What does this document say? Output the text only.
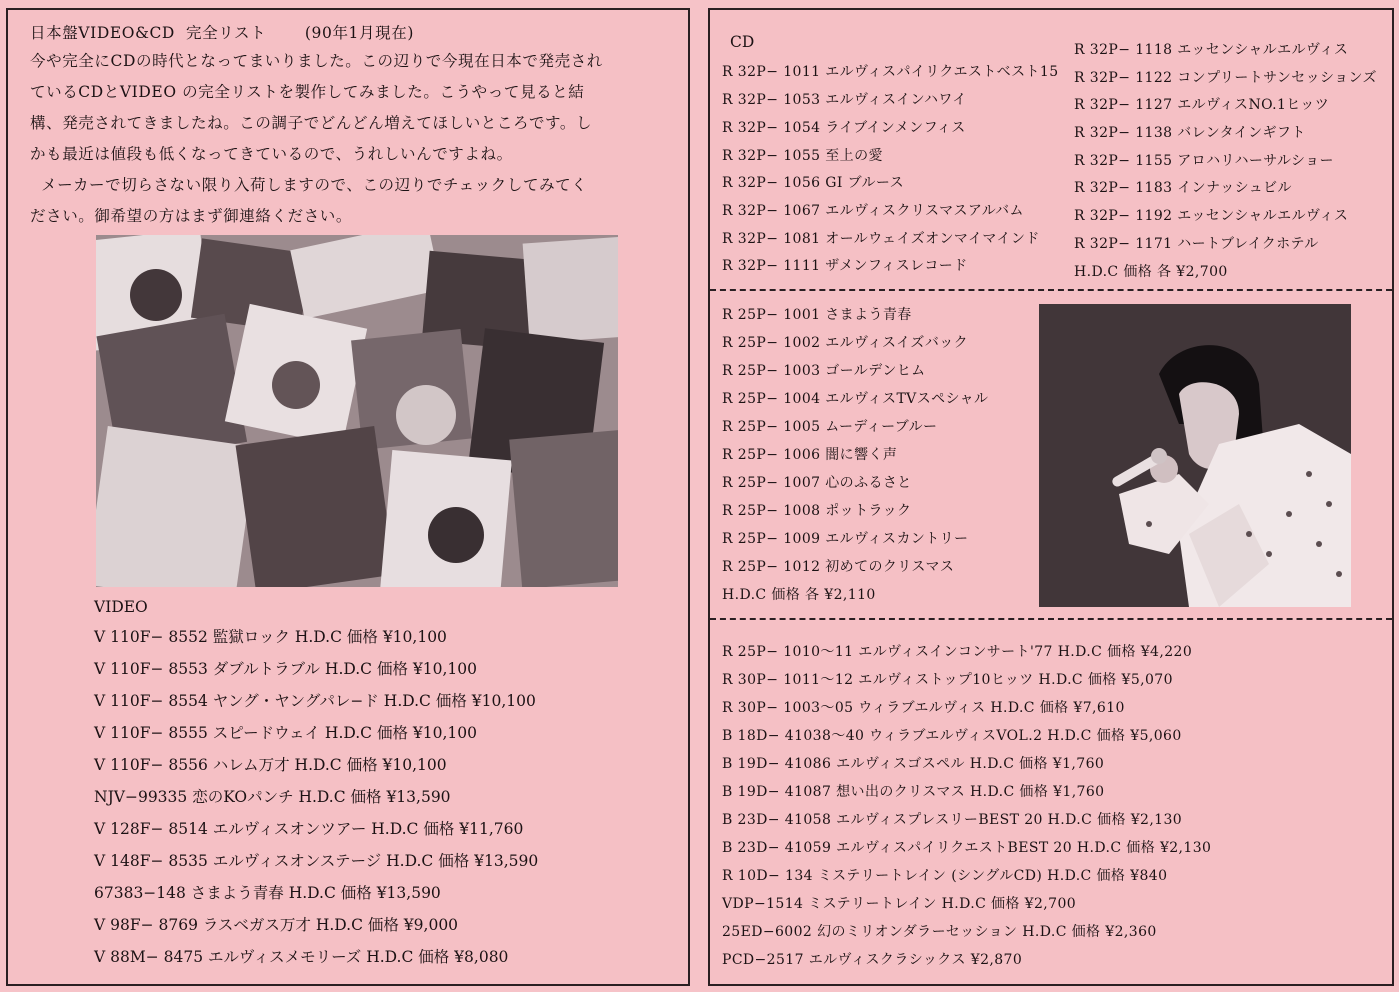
日本盤VIDEO&CD  完全リスト       (90年1月現在)

今や完全にCDの時代となってまいりました。この辺りで今現在日本で発売され

ているCDとVIDEO の完全リストを製作してみました。こうやって見ると結

構、発売されてきましたね。この調子でどんどん増えてほしいところです。し

かも最近は値段も低くなってきているので、うれしいんですよね。

メーカーで切らさない限り入荷しますので、この辺りでチェックしてみてく

ださい。御希望の方はまず御連絡ください。

VIDEO
V 110F− 8552 監獄ロック H.D.C 価格 ¥10,100
V 110F− 8553 ダブルトラブル H.D.C 価格 ¥10,100
V 110F− 8554 ヤング・ヤングパレ−ド H.D.C 価格 ¥10,100
V 110F− 8555 スピードウェイ H.D.C 価格 ¥10,100
V 110F− 8556 ハレム万才 H.D.C 価格 ¥10,100
NJV−99335 恋のKOパンチ H.D.C 価格 ¥13,590
V 128F− 8514 エルヴィスオンツアー H.D.C 価格 ¥11,760
V 148F− 8535 エルヴィスオンステージ H.D.C 価格 ¥13,590
67383−148 さまよう青春 H.D.C 価格 ¥13,590
V 98F− 8769 ラスベガス万才 H.D.C 価格 ¥9,000
V 88M− 8475 エルヴィスメモリーズ H.D.C 価格 ¥8,080
CD
R 32P− 1011 エルヴィスパイリクエストベスト15
R 32P− 1053 エルヴィスインハワイ
R 32P− 1054 ライブインメンフィス
R 32P− 1055 至上の愛
R 32P− 1056 GI ブルース
R 32P− 1067 エルヴィスクリスマスアルバム
R 32P− 1081 オールウェイズオンマイマインド
R 32P− 1111 ザメンフィスレコード
R 32P− 1118 エッセンシャルエルヴィス
R 32P− 1122 コンプリートサンセッションズ
R 32P− 1127 エルヴィスNO.1ヒッツ
R 32P− 1138 バレンタインギフト
R 32P− 1155 アロハリハーサルショー
R 32P− 1183 インナッシュビル
R 32P− 1192 エッセンシャルエルヴィス
R 32P− 1171 ハートブレイクホテル
H.D.C 価格 各 ¥2,700
R 25P− 1001 さまよう青春
R 25P− 1002 エルヴィスイズバック
R 25P− 1003 ゴールデンヒム
R 25P− 1004 エルヴィスTVスペシャル
R 25P− 1005 ムーディーブルー
R 25P− 1006 闇に響く声
R 25P− 1007 心のふるさと
R 25P− 1008 ポットラック
R 25P− 1009 エルヴィスカントリー
R 25P− 1012 初めてのクリスマス
H.D.C 価格 各 ¥2,110
R 25P− 1010〜11 エルヴィスインコンサート'77 H.D.C 価格 ¥4,220
R 30P− 1011〜12 エルヴィストップ10ヒッツ H.D.C 価格 ¥5,070
R 30P− 1003〜05 ウィラブエルヴィス H.D.C 価格 ¥7,610
B 18D− 41038〜40 ウィラブエルヴィスVOL.2 H.D.C 価格 ¥5,060
B 19D− 41086 エルヴィスゴスペル H.D.C 価格 ¥1,760
B 19D− 41087 想い出のクリスマス H.D.C 価格 ¥1,760
B 23D− 41058 エルヴィスプレスリーBEST 20 H.D.C 価格 ¥2,130
B 23D− 41059 エルヴィスパイリクエストBEST 20 H.D.C 価格 ¥2,130
R 10D− 134 ミステリートレイン (シングルCD) H.D.C 価格 ¥840
VDP−1514 ミステリートレイン H.D.C 価格 ¥2,700
25ED−6002 幻のミリオンダラーセッション H.D.C 価格 ¥2,360
PCD−2517 エルヴィスクラシックス ¥2,870
